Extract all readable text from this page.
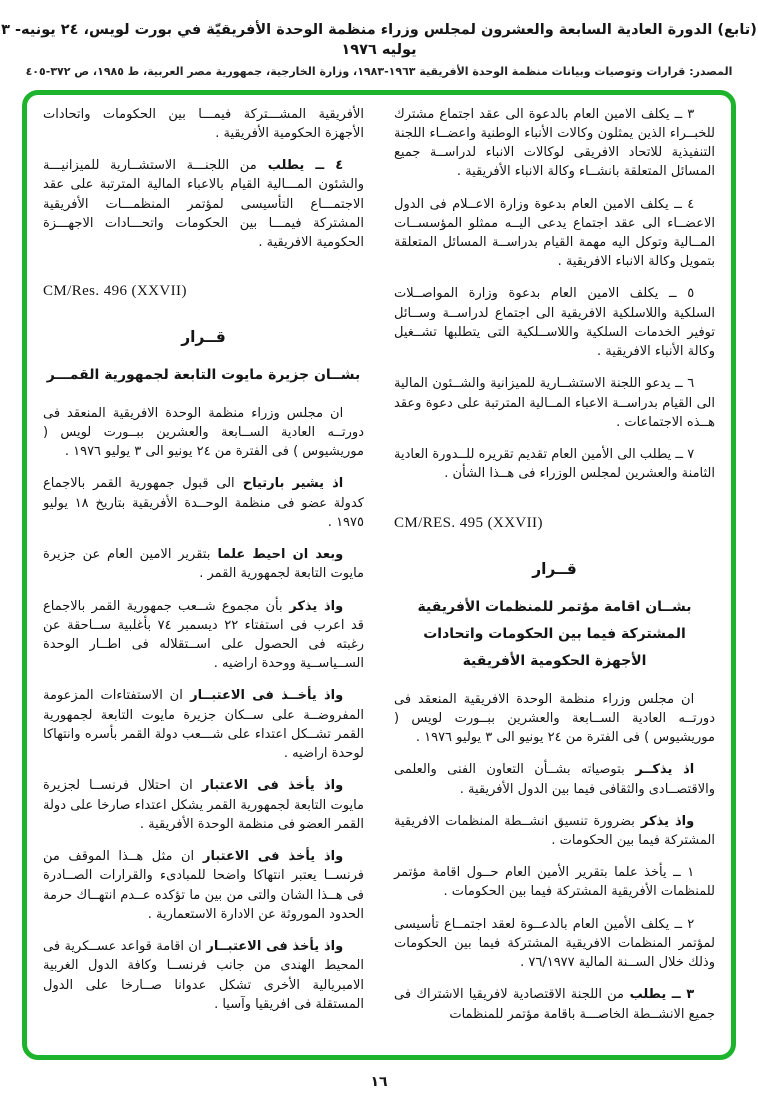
(تابع) الدورة العادية السابعة والعشرون لمجلس وزراء منظمة الوحدة الأفريقيّة في بورت لويس، ٢٤ يونيه- ٣ يوليه ١٩٧٦
المصدر: قرارات وتوصيات وبيانات منظمة الوحدة الأفريقية ١٩٦٣-١٩٨٣، وزارة الخارجية، جمهورية مصر العربية، ط ١٩٨٥، ص ٣٧٢-٤٠٥
٣ ــ يكلف الامين العام بالدعوة الى عقد اجتماع مشترك للخبــراء الذين يمثلون وكالات الأنباء الوطنية واعضــاء اللجنة التنفيذية للاتحاد الافريقى لوكالات الانباء لدراســة جميع المسائل المتعلقة بانشــاء وكالة الانباء الأفريقية .
٤ ــ يكلف الامين العام بدعوة وزارة الاعــلام فى الدول الاعضــاء الى عقد اجتماع يدعى اليــه ممثلو المؤسســات المــالية وتوكل اليه مهمة القيام بدراســة المسائل المتعلقة بتمويل وكالة الانباء الافريقية .
٥ ــ يكلف الامين العام بدعوة وزارة المواصــلات السلكية واللاسلكية الافريقية الى اجتماع لدراســة وســائل توفير الخدمات السلكية واللاســلكية التى يتطلبها تشــغيل وكالة الأنباء الافريقية .
٦ ــ يدعو اللجنة الاستشــارية للميزانية والشــئون المالية الى القيام بدراســة الاعباء المــالية المترتبة على دعوة وعقد هــذه الاجتماعات .
٧ ــ يطلب الى الأمين العام تقديم تقريره للــدورة العادية الثامنة والعشرين لمجلس الوزراء فى هــذا الشأن .
CM/RES. 495 (XXVII)
قــرار
بشــان اقامة مؤتمر للمنظمات الأفريقية
المشتركة فيما بين الحكومات واتحادات
الأجهزة الحكومية الأفريقية
ان مجلس وزراء منظمة الوحدة الافريقية المنعقد فى دورتــه العادية الســابعة والعشرين ببــورت لويس ( موريشيوس ) فى الفترة من ٢٤ يونيو الى ٣ يوليو ١٩٧٦ .
اذ يذكــر بتوصياته بشــأن التعاون الفنى والعلمى والاقتصــادى والثقافى فيما بين الدول الأفريقية .
واذ يذكر بضرورة تنسيق انشــطة المنظمات الافريقية المشتركة فيما بين الحكومات .
١ ــ يأخذ علما بتقرير الأمين العام حــول اقامة مؤتمر للمنظمات الأفريقية المشتركة فيما بين الحكومات .
٢ ــ يكلف الأمين العام بالدعــوة لعقد اجتمــاع تأسيسى لمؤتمر المنظمات الافريقية المشتركة فيما بين الحكومات وذلك خلال الســنة المالية ٧٦/١٩٧٧ .
٣ ــ يطلب من اللجنة الاقتصادية لافريقيا الاشتراك فى جميع الانشــطة الخاصـــة باقامة مؤتمر للمنظمات
الأفريقية المشـــتركة فيمـــا بين الحكومات واتحادات الأجهزة الحكومية الأفريقية .
٤ ــ يطلب من اللجنـــة الاستشــارية للميزانيـــة والشئون المـــالية القيام بالاعباء المالية المترتبة على عقد الاجتمـــاع التأسيسى لمؤتمر المنظمـــات الأفريقية المشتركة فيمـــا بين الحكومات واتحـــادات الاجهـــزة الحكومية الافريقية .
CM/Res. 496 (XXVII)
قــرار
بشــان جزيرة مايوت التابعة لجمهورية القمـــر
ان مجلس وزراء منظمة الوحدة الافريقية المنعقد فى دورتــه العادية الســابعة والعشرين ببــورت لويس ( موريشيوس ) فى الفترة من ٢٤ يونيو الى ٣ يوليو ١٩٧٦ .
اذ يشير بارتياح الى قبول جمهورية القمر بالاجماع كدولة عضو فى منظمة الوحــدة الأفريقية بتاريخ ١٨ يوليو ١٩٧٥ .
وبعد ان احيط علما بتقرير الامين العام عن جزيرة مايوت التابعة لجمهورية القمر .
واذ يذكر بأن مجموع شــعب جمهورية القمر بالاجماع قد اعرب فى استفتاء ٢٢ ديسمبر ٧٤ بأغلبية ســاحقة عن رغبته فى الحصول على اســتقلاله فى اطــار الوحدة الســياســية ووحدة اراضيه .
واذ يأخــذ فى الاعتبــار ان الاستفتاءات المزعومة المفروضــة على ســكان جزيرة مايوت التابعة لجمهورية القمر تشــكل اعتداء على شـــعب دولة القمر بأسره وانتهاكا لوحدة اراضيه .
واذ يأخذ فى الاعتبار ان احتلال فرنســا لجزيرة مايوت التابعة لجمهورية القمر يشكل اعتداء صارخا على دولة القمر العضو فى منظمة الوحدة الأفريقية .
واذ يأخذ فى الاعتبار ان مثل هــذا الموقف من فرنســا يعتبر انتهاكا واضحا للمبادىء والقرارات الصــادرة فى هــذا الشان والتى من بين ما تؤكده عــدم انتهــاك حرمة الحدود الموروثة عن الادارة الاستعمارية .
واذ يأخذ فى الاعتبــار ان اقامة قواعد عســكرية فى المحيط الهندى من جانب فرنســا وكافة الدول الغربية الامبريالية الأخرى تشكل عدوانا صــارخا على الدول المستقلة فى افريقيا وآسيا .
١٦
